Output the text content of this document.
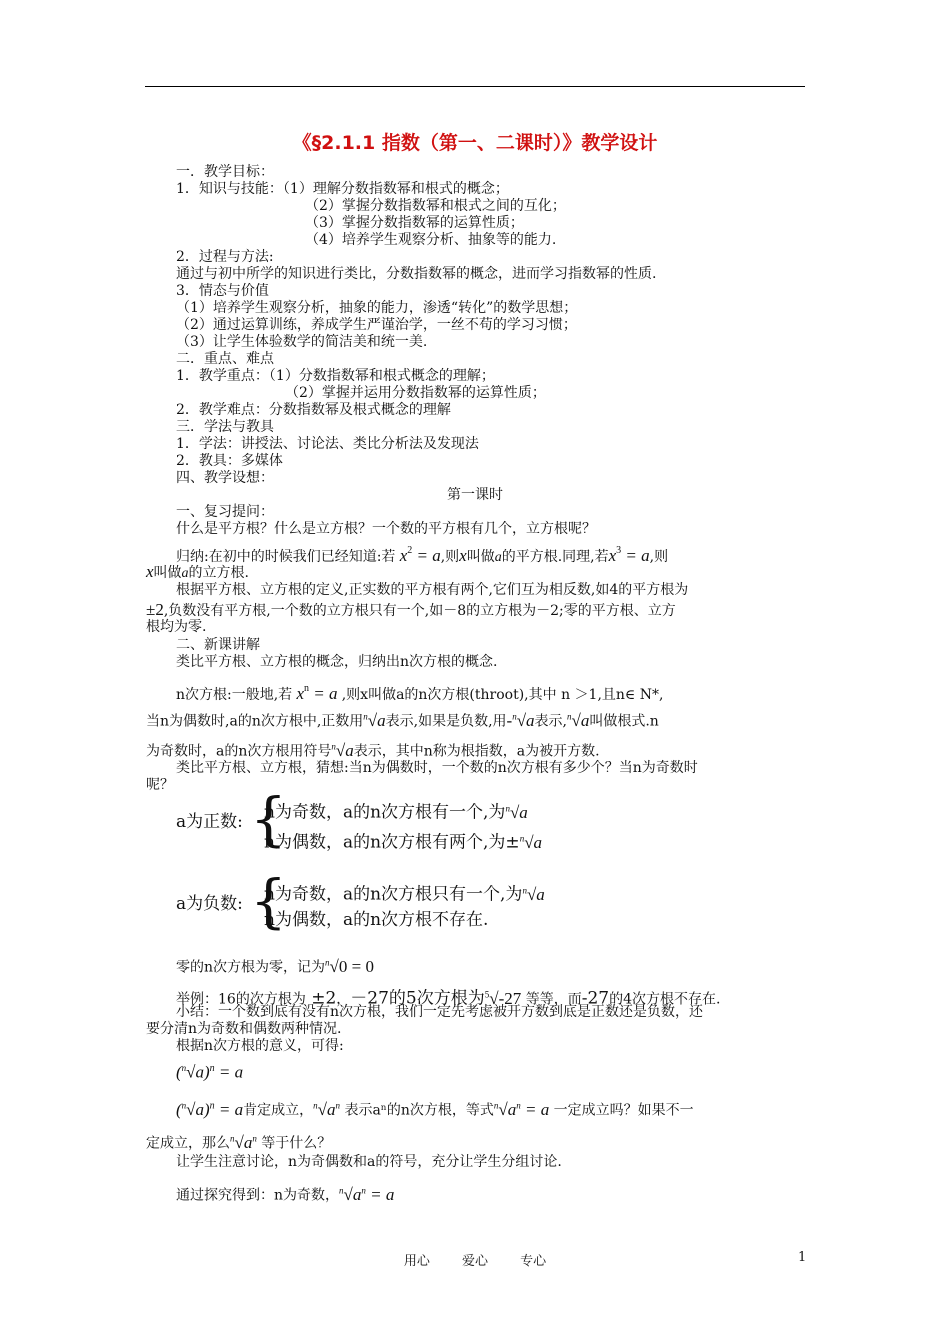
《§2.1.1 指数（第一、二课时）》教学设计
一．教学目标：
1．知识与技能：（1）理解分数指数幂和根式的概念；
（2）掌握分数指数幂和根式之间的互化；
（3）掌握分数指数幂的运算性质；
（4）培养学生观察分析、抽象等的能力.
2．过程与方法:
通过与初中所学的知识进行类比，分数指数幂的概念，进而学习指数幂的性质.
3．情态与价值
（1）培养学生观察分析，抽象的能力，渗透“转化”的数学思想；
（2）通过运算训练，养成学生严谨治学，一丝不苟的学习习惯；
（3）让学生体验数学的简洁美和统一美.
二．重点、难点
1．教学重点：（1）分数指数幂和根式概念的理解；
（2）掌握并运用分数指数幂的运算性质；
2．教学难点：分数指数幂及根式概念的理解
三．学法与教具
1．学法：讲授法、讨论法、类比分析法及发现法
2．教具：多媒体
四、教学设想：
第一课时
一、复习提问：
什么是平方根？什么是立方根？一个数的平方根有几个，立方根呢？
归纳:在初中的时候我们已经知道:若 $x^2 = a$,则x叫做a的平方根.同理,若$x^3 = a$,则
x叫做a的立方根.
根据平方根、立方根的定义,正实数的平方根有两个,它们互为相反数,如4的平方根为
±2,负数没有平方根,一个数的立方根只有一个,如－8的立方根为－2;零的平方根、立方
根均为零.
二、新课讲解
类比平方根、立方根的概念，归纳出n次方根的概念.
n次方根:一般地,若 $x^n = a$ ,则x叫做a的n次方根(throot),其中 n ＞1,且n∈ N*,
当n为偶数时,a的n次方根中,正数用$^n$√a表示,如果是负数,用-$^n$√a表示,$^n$√a叫做根式.n
为奇数时，a的n次方根用符号$^n$√a表示，其中n称为根指数，a为被开方数.
类比平方根、立方根，猜想:当n为偶数时，一个数的n次方根有多少个？当n为奇数时
呢？
a为正数: {
n为奇数，a的n次方根有一个,为$^n$√a
n为偶数，a的n次方根有两个,为±$^n$√a
a为负数: {
n为奇数，a的n次方根只有一个,为$^n$√a
n为偶数，a的n次方根不存在.
零的n次方根为零，记为$^n$√0 = 0
举例：16的次方根为 ±2，－27的5次方根为$^5$√-27 等等，而-27的4次方根不存在.
小结：一个数到底有没有n次方根，我们一定先考虑被开方数到底是正数还是负数，还
要分清n为奇数和偶数两种情况.
根据n次方根的意义，可得:
$(^n√a)^n = a$
$(^n√a)^n = a$肯定成立，$^n√a^n$ 表示aⁿ的n次方根，等式$^n√a^n = a$ 一定成立吗？如果不一
定成立，那么$^n√a^n$ 等于什么？
让学生注意讨论，n为奇偶数和a的符号，充分让学生分组讨论.
通过探究得到：n为奇数，$^n√a^n = a$
用心 爱心 专心	1
